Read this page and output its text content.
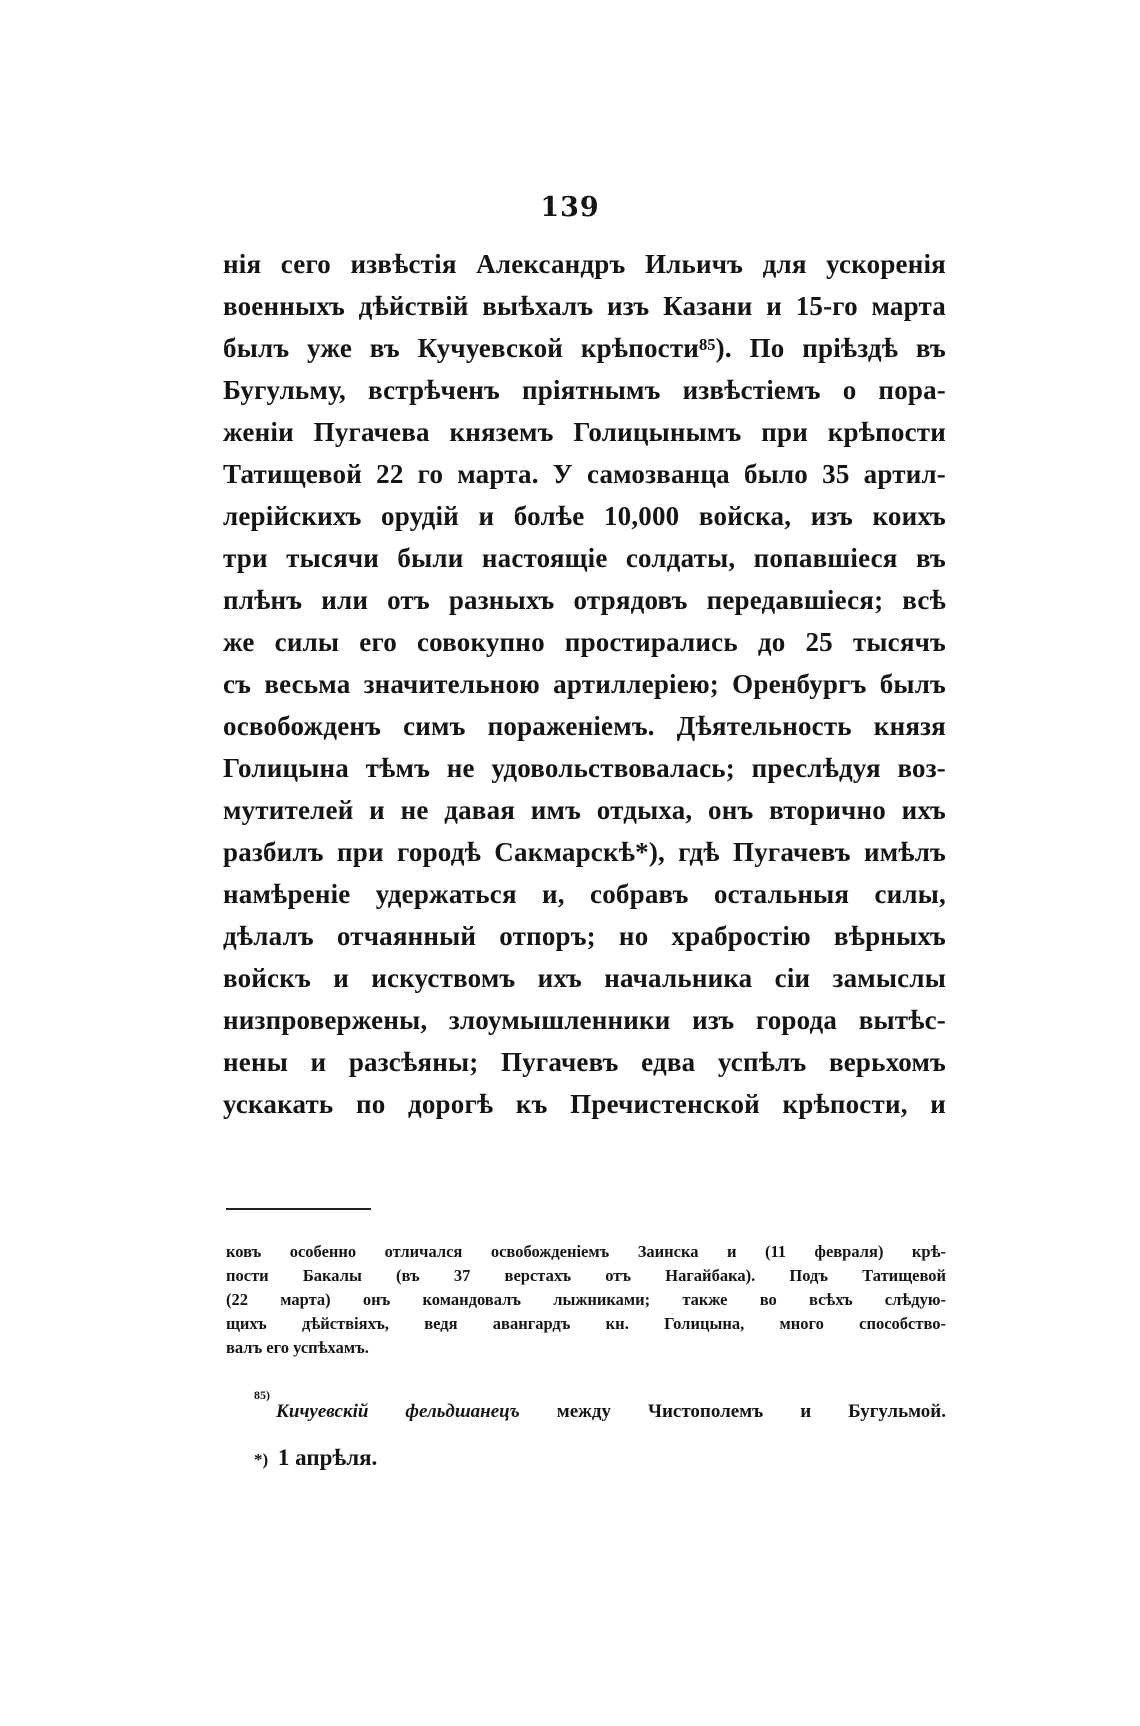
139
нія сего извѣстія Александръ Ильичъ для ускоренія
военныхъ дѣйствій выѣхалъ изъ Казани и 15-го марта
былъ уже въ Кучуевской крѣпости⁸⁵). По пріѣздѣ въ
Бугульму, встрѣченъ пріятнымъ извѣстіемъ о пора-
женіи Пугачева княземъ Голицынымъ при крѣпости
Татищевой 22 го марта. У самозванца было 35 артил-
лерійскихъ орудій и болѣе 10,000 войска, изъ коихъ
три тысячи были настоящіе солдаты, попавшіеся въ
плѣнъ или отъ разныхъ отрядовъ передавшіеся; всѣ
же силы его совокупно простирались до 25 тысячъ
съ весьма значительною артиллеріею; Оренбургъ былъ
освобожденъ симъ пораженіемъ. Дѣятельность князя
Голицына тѣмъ не удовольствовалась; преслѣдуя воз-
мутителей и не давая имъ отдыха, онъ вторично ихъ
разбилъ при городѣ Сакмарскѣ*), гдѣ Пугачевъ имѣлъ
намѣреніе удержаться и, собравъ остальныя силы,
дѣлалъ отчаянный отпоръ; но храбростію вѣрныхъ
войскъ и искуствомъ ихъ начальника сіи замыслы
низпровержены, злоумышленники изъ города вытѣс-
нены и разсѣяны; Пугачевъ едва успѣлъ верьхомъ
ускакать по дорогѣ къ Пречистенской крѣпости, и
ковъ особенно отличался освобожденіемъ Заинска и (11 февраля) крѣ-
пости Бакалы (въ 37 верстахъ отъ Нагайбака). Подъ Татищевой
(22 марта) онъ командовалъ лыжниками; также во всѣхъ слѣдую-
щихъ дѣйствіяхъ, ведя авангардъ кн. Голицына, много способство-
валъ его успѣхамъ.
$^{85)}$
Кичуевскій фельдшанецъ между Чистополемъ и Бугульмой.
*) 1 апрѣля.
